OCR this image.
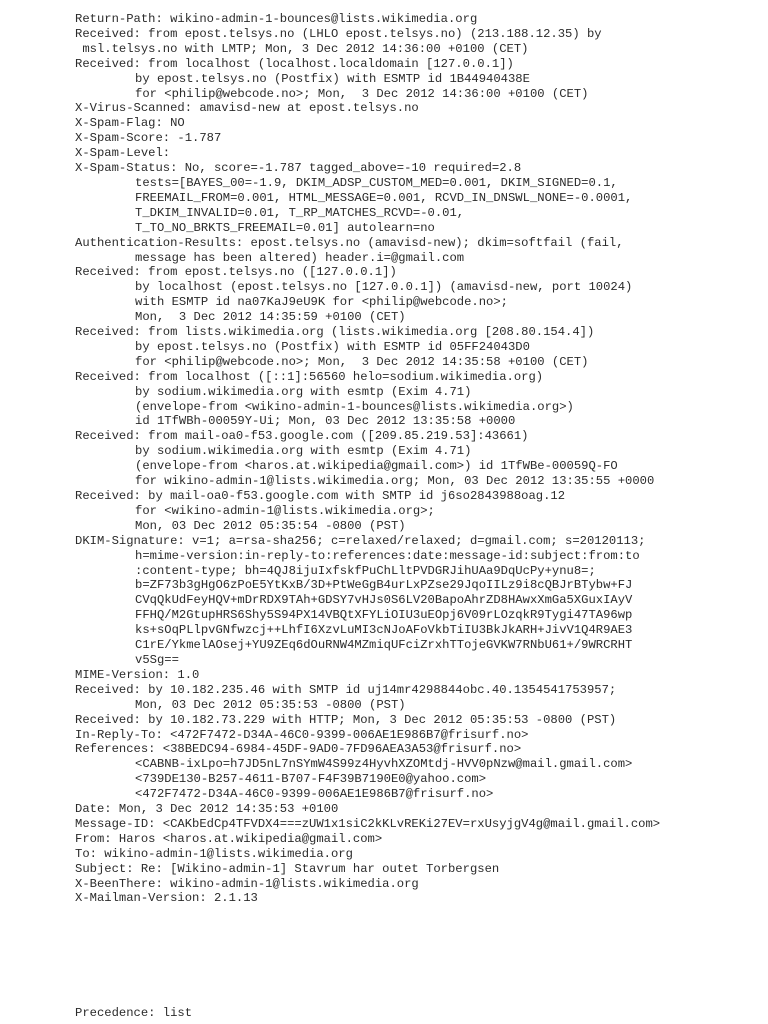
Return-Path: wikino-admin-1-bounces@lists.wikimedia.org
Received: from epost.telsys.no (LHLO epost.telsys.no) (213.188.12.35) by
msl.telsys.no with LMTP; Mon, 3 Dec 2012 14:36:00 +0100 (CET)
Received: from localhost (localhost.localdomain [127.0.0.1])
by epost.telsys.no (Postfix) with ESMTP id 1B44940438E
for <philip@webcode.no>; Mon,  3 Dec 2012 14:36:00 +0100 (CET)
X-Virus-Scanned: amavisd-new at epost.telsys.no
X-Spam-Flag: NO
X-Spam-Score: -1.787
X-Spam-Level:
X-Spam-Status: No, score=-1.787 tagged_above=-10 required=2.8
tests=[BAYES_00=-1.9, DKIM_ADSP_CUSTOM_MED=0.001, DKIM_SIGNED=0.1,
FREEMAIL_FROM=0.001, HTML_MESSAGE=0.001, RCVD_IN_DNSWL_NONE=-0.0001,
T_DKIM_INVALID=0.01, T_RP_MATCHES_RCVD=-0.01,
T_TO_NO_BRKTS_FREEMAIL=0.01] autolearn=no
Authentication-Results: epost.telsys.no (amavisd-new); dkim=softfail (fail,
message has been altered) header.i=@gmail.com
Received: from epost.telsys.no ([127.0.0.1])
by localhost (epost.telsys.no [127.0.0.1]) (amavisd-new, port 10024)
with ESMTP id na07KaJ9eU9K for <philip@webcode.no>;
Mon,  3 Dec 2012 14:35:59 +0100 (CET)
Received: from lists.wikimedia.org (lists.wikimedia.org [208.80.154.4])
by epost.telsys.no (Postfix) with ESMTP id 05FF24043D0
for <philip@webcode.no>; Mon,  3 Dec 2012 14:35:58 +0100 (CET)
Received: from localhost ([::1]:56560 helo=sodium.wikimedia.org)
by sodium.wikimedia.org with esmtp (Exim 4.71)
(envelope-from <wikino-admin-1-bounces@lists.wikimedia.org>)
id 1TfWBh-00059Y-Ui; Mon, 03 Dec 2012 13:35:58 +0000
Received: from mail-oa0-f53.google.com ([209.85.219.53]:43661)
by sodium.wikimedia.org with esmtp (Exim 4.71)
(envelope-from <haros.at.wikipedia@gmail.com>) id 1TfWBe-00059Q-FO
for wikino-admin-1@lists.wikimedia.org; Mon, 03 Dec 2012 13:35:55 +0000
Received: by mail-oa0-f53.google.com with SMTP id j6so2843988oag.12
for <wikino-admin-1@lists.wikimedia.org>;
Mon, 03 Dec 2012 05:35:54 -0800 (PST)
DKIM-Signature: v=1; a=rsa-sha256; c=relaxed/relaxed; d=gmail.com; s=20120113;
h=mime-version:in-reply-to:references:date:message-id:subject:from:to
:content-type; bh=4QJ8ijuIxfskfPuChLltPVDGRJihUAa9DqUcPy+ynu8=;
b=ZF73b3gHgO6zPoE5YtKxB/3D+PtWeGgB4urLxPZse29JqoIILz9i8cQBJrBTybw+FJ
CVqQkUdFeyHQV+mDrRDX9TAh+GDSY7vHJs0S6LV20BapoAhrZD8HAwxXmGa5XGuxIAyV
FFHQ/M2GtupHRS6Shy5S94PX14VBQtXFYLiOIU3uEOpj6V09rLOzqkR9Tygi47TA96wp
ks+sOqPLlpvGNfwzcj++LhfI6XzvLuMI3cNJoAFoVkbTiIU3BkJkARH+JivV1Q4R9AE3
C1rE/YkmelAOsej+YU9ZEq6dOuRNW4MZmiqUFciZrxhTTojeGVKW7RNbU61+/9WRCRHT
v5Sg==
MIME-Version: 1.0
Received: by 10.182.235.46 with SMTP id uj14mr4298844obc.40.1354541753957;
Mon, 03 Dec 2012 05:35:53 -0800 (PST)
Received: by 10.182.73.229 with HTTP; Mon, 3 Dec 2012 05:35:53 -0800 (PST)
In-Reply-To: <472F7472-D34A-46C0-9399-006AE1E986B7@frisurf.no>
References: <38BEDC94-6984-45DF-9AD0-7FD96AEA3A53@frisurf.no>
<CABNB-ixLpo=h7JD5nL7nSYmW4S99z4HyvhXZOMtdj-HVV0pNzw@mail.gmail.com>
<739DE130-B257-4611-B707-F4F39B7190E0@yahoo.com>
<472F7472-D34A-46C0-9399-006AE1E986B7@frisurf.no>
Date: Mon, 3 Dec 2012 14:35:53 +0100
Message-ID: <CAKbEdCp4TFVDX4===zUW1x1siC2kKLvREKi27EV=rxUsyjgV4g@mail.gmail.com>
From: Haros <haros.at.wikipedia@gmail.com>
To: wikino-admin-1@lists.wikimedia.org
Subject: Re: [Wikino-admin-1] Stavrum har outet Torbergsen
X-BeenThere: wikino-admin-1@lists.wikimedia.org
X-Mailman-Version: 2.1.13
Precedence: list
